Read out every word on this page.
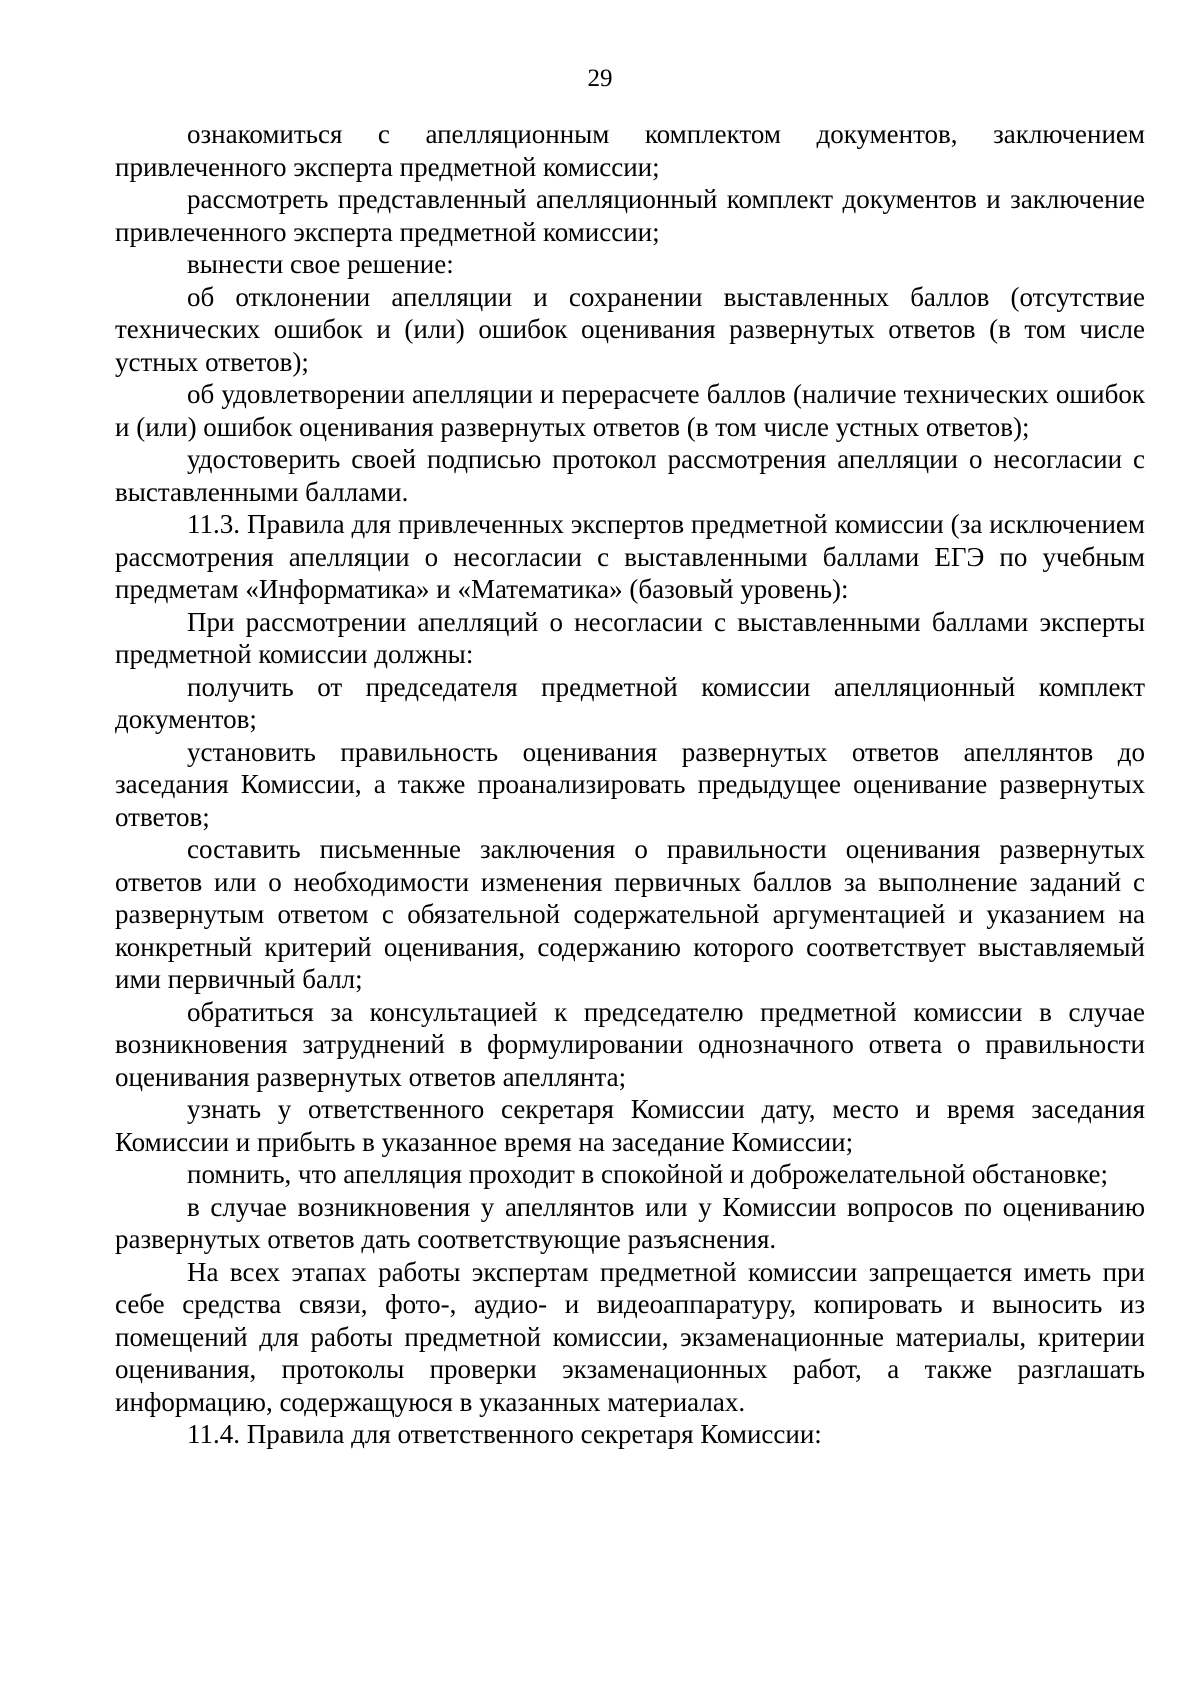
29

ознакомиться с апелляционным комплектом документов, заключением привлеченного эксперта предметной комиссии;

рассмотреть представленный апелляционный комплект документов и заключение привлеченного эксперта предметной комиссии;

вынести свое решение:

об отклонении апелляции и сохранении выставленных баллов (отсутствие технических ошибок и (или) ошибок оценивания развернутых ответов (в том числе устных ответов);

об удовлетворении апелляции и перерасчете баллов (наличие технических ошибок и (или) ошибок оценивания развернутых ответов (в том числе устных ответов);

удостоверить своей подписью протокол рассмотрения апелляции о несогласии с выставленными баллами.

11.3. Правила для привлеченных экспертов предметной комиссии (за исключением рассмотрения апелляции о несогласии с выставленными баллами ЕГЭ по учебным предметам «Информатика» и «Математика» (базовый уровень):

При рассмотрении апелляций о несогласии с выставленными баллами эксперты предметной комиссии должны:

получить от председателя предметной комиссии апелляционный комплект документов;

установить правильность оценивания развернутых ответов апеллянтов до заседания Комиссии, а также проанализировать предыдущее оценивание развернутых ответов;

составить письменные заключения о правильности оценивания развернутых ответов или о необходимости изменения первичных баллов за выполнение заданий с развернутым ответом с обязательной содержательной аргументацией и указанием на конкретный критерий оценивания, содержанию которого соответствует выставляемый ими первичный балл;

обратиться за консультацией к председателю предметной комиссии в случае возникновения затруднений в формулировании однозначного ответа о правильности оценивания развернутых ответов апеллянта;

узнать у ответственного секретаря Комиссии дату, место и время заседания Комиссии и прибыть в указанное время на заседание Комиссии;

помнить, что апелляция проходит в спокойной и доброжелательной обстановке;

в случае возникновения у апеллянтов или у Комиссии вопросов по оцениванию развернутых ответов дать соответствующие разъяснения.

На всех этапах работы экспертам предметной комиссии запрещается иметь при себе средства связи, фото-, аудио- и видеоаппаратуру, копировать и выносить из помещений для работы предметной комиссии, экзаменационные материалы, критерии оценивания, протоколы проверки экзаменационных работ, а также разглашать информацию, содержащуюся в указанных материалах.

11.4. Правила для ответственного секретаря Комиссии:
